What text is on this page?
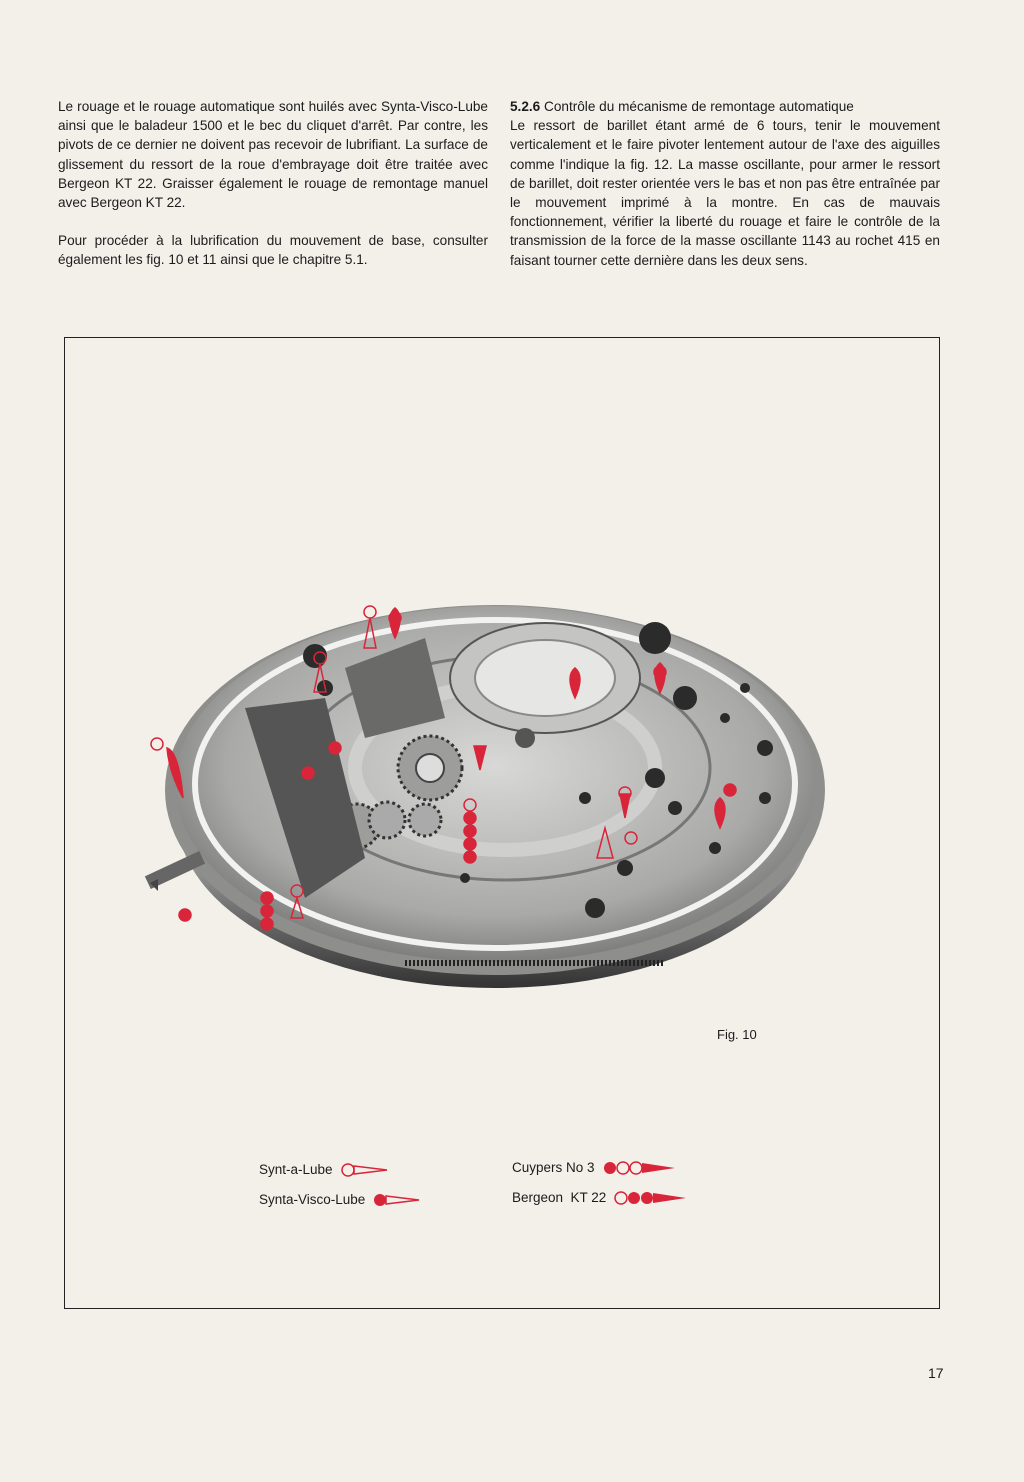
Le rouage et le rouage automatique sont huilés avec Synta-Visco-Lube ainsi que le baladeur 1500 et le bec du cliquet d'arrêt. Par contre, les pivots de ce dernier ne doivent pas recevoir de lubrifiant. La surface de glissement du ressort de la roue d'embrayage doit être traitée avec Bergeon KT 22. Graisser également le rouage de remontage manuel avec Bergeon KT 22.

Pour procéder à la lubrification du mouvement de base, consulter également les fig. 10 et 11 ainsi que le chapitre 5.1.

5.2.6 Contrôle du mécanisme de remontage automatique
Le ressort de barillet étant armé de 6 tours, tenir le mouvement verticalement et le faire pivoter lentement autour de l'axe des aiguilles comme l'indique la fig. 12. La masse oscillante, pour armer le ressort de barillet, doit rester orientée vers le bas et non pas être entraînée par le mouvement imprimé à la montre. En cas de mauvais fonctionnement, vérifier la liberté du rouage et faire le contrôle de la transmission de la force de la masse oscillante 1143 au rochet 415 en faisant tourner cette dernière dans les deux sens.
Fig. 10
Synt-a-Lube
Synta-Visco-Lube
Cuypers No 3
Bergeon  KT 22
17
